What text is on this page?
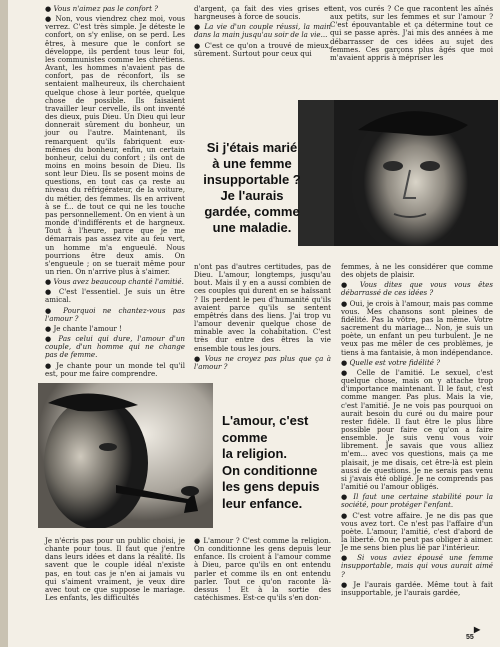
● Vous n'aimez pas le confort ?

● Non, vous viendrez chez moi, vous verrez. C'est très simple. Je déteste le confort, on s'y enlise, on se perd. Les êtres, à mesure que le confort se développe, ils perdent tous leur foi, les communistes comme les chrétiens. Avant, les hommes n'avaient pas de confort, pas de réconfort, ils se sentaient malheureux, ils cherchaient quelque chose à leur portée, quelque chose de possible. Ils faisaient travailler leur cervelle, ils ont inventé des dieux, puis Dieu. Un Dieu qui leur donnerait sûrement du bonheur, un jour ou l'autre. Maintenant, ils remarquent qu'ils fabriquent eux-mêmes du bonheur, enfin, un certain bonheur, celui du confort ; ils ont de moins en moins besoin de Dieu. Ils sont leur Dieu. Ils se posent moins de questions, en tout cas ça reste au niveau du réfrigérateur, de la voiture, du métier, des femmes. Ils en arrivent à se f... de tout ce qui ne les touche pas personnellement. On en vient à un monde d'indifférents et de hargneux. Tout à l'heure, parce que je me démarrais pas assez vite au feu vert, un homme m'a engueulé. Nous pourrions être deux amis. On s'engueule ; on se tuerait même pour un rien. On n'arrive plus à s'aimer.

● Vous avez beaucoup chanté l'amitié.

● C'est l'essentiel. Je suis un être amical.

● Pourquoi ne chantez-vous pas l'amour ?

● Je chante l'amour !

● Pas celui qui dure, l'amour d'un couple, d'un homme qui ne change pas de femme.

● Je chante pour un monde tel qu'il est, pour me faire comprendre.

d'argent, ça fait des vies grises et hargneuses à force de soucis.

● La vie d'un couple réussi, la main dans la main jusqu'au soir de la vie...

● C'est ce qu'on a trouvé de mieux, sûrement. Surtout pour ceux qui

tent, vos curés ? Ce que racontent les aînés aux petits, sur les femmes et sur l'amour ? C'est épouvantable et ça détermine tout ce qui se passe après. J'ai mis des années à me débarrasser de ces idées au sujet des femmes. Ces garçons plus âgés que moi m'avaient appris à mépriser les

Si j'étais marié
à une femme
insupportable ?
Je l'aurais
gardée, comme
une maladie.

n'ont pas d'autres certitudes, pas de Dieu. L'amour, longtemps, jusqu'au bout. Mais il y en a aussi combien de ces couples qui durent en se haïssant ? Ils perdent le peu d'humanité qu'ils avaient parce qu'ils se sentent empêtrés dans des liens. J'ai trop vu l'amour devenir quelque chose de minable avec la cohabitation. C'est très dur entre des êtres la vie ensemble tous les jours.

● Vous ne croyez pas plus que ça à l'amour ?

femmes, à ne les considérer que comme des objets de plaisir.

● Vous dites que vous vous êtes débarrassé de ces idées ?

● Oui, je crois à l'amour, mais pas comme vous. Mes chansons sont pleines de fidélité. Pas la vôtre, pas la même. Votre sacrement du mariage... Non, je suis un poète, un enfant un peu turbulent. Je ne veux pas me mêler de ces problèmes, je tiens à ma fantaisie, à mon indépendance.

● Quelle est votre fidélité ?

● Celle de l'amitié. Le sexuel, c'est quelque chose, mais on y attache trop d'importance maintenant. Il le faut, c'est comme manger. Pas plus. Mais la vie, c'est l'amitié. Je ne vois pas pourquoi on aurait besoin du curé ou du maire pour rester fidèle. Il faut être le plus libre possible pour faire ce qu'on a faire ensemble. Je suis venu vous voir librement. Je savais que vous alliez m'em... avec vos questions, mais ça me plaisait, je me disais, cet être-là est plein aussi de questions. Je ne serais pas venu si j'avais été obligé. Je ne comprends pas l'amitié ou l'amour obligés.

● Il faut une certaine stabilité pour la société, pour protéger l'enfant.

● C'est votre affaire. Je ne dis pas que vous avez tort. Ce n'est pas l'affaire d'un poète. L'amour, l'amitié, c'est d'abord de la liberté. On ne peut pas obliger à aimer. Je me sens bien plus lié par l'intérieur.

● Si vous aviez épousé une femme insupportable, mais qui vous aurait aimé ?

● Je l'aurais gardée. Même tout à fait insupportable, je l'aurais gardée,

L'amour, c'est
comme
la religion.
On conditionne
les gens depuis
leur enfance.

Je n'écris pas pour un public choisi, je chante pour tous. Il faut que j'entre dans leurs idées et dans la réalité. Ils savent que le couple idéal n'existe pas, en tout cas je n'en ai jamais vu qui s'aiment vraiment, je veux dire avec tout ce que suppose le mariage. Les enfants, les difficultés

● L'amour ? C'est comme la religion. On conditionne les gens depuis leur enfance. Ils croient à l'amour comme à Dieu, parce qu'ils en ont entendu parler et comme ils en ont entendu parler. Tout ce qu'on raconte là-dessus ! Et à la sortie des catéchismes. Est-ce qu'ils s'en don-

55
▶
